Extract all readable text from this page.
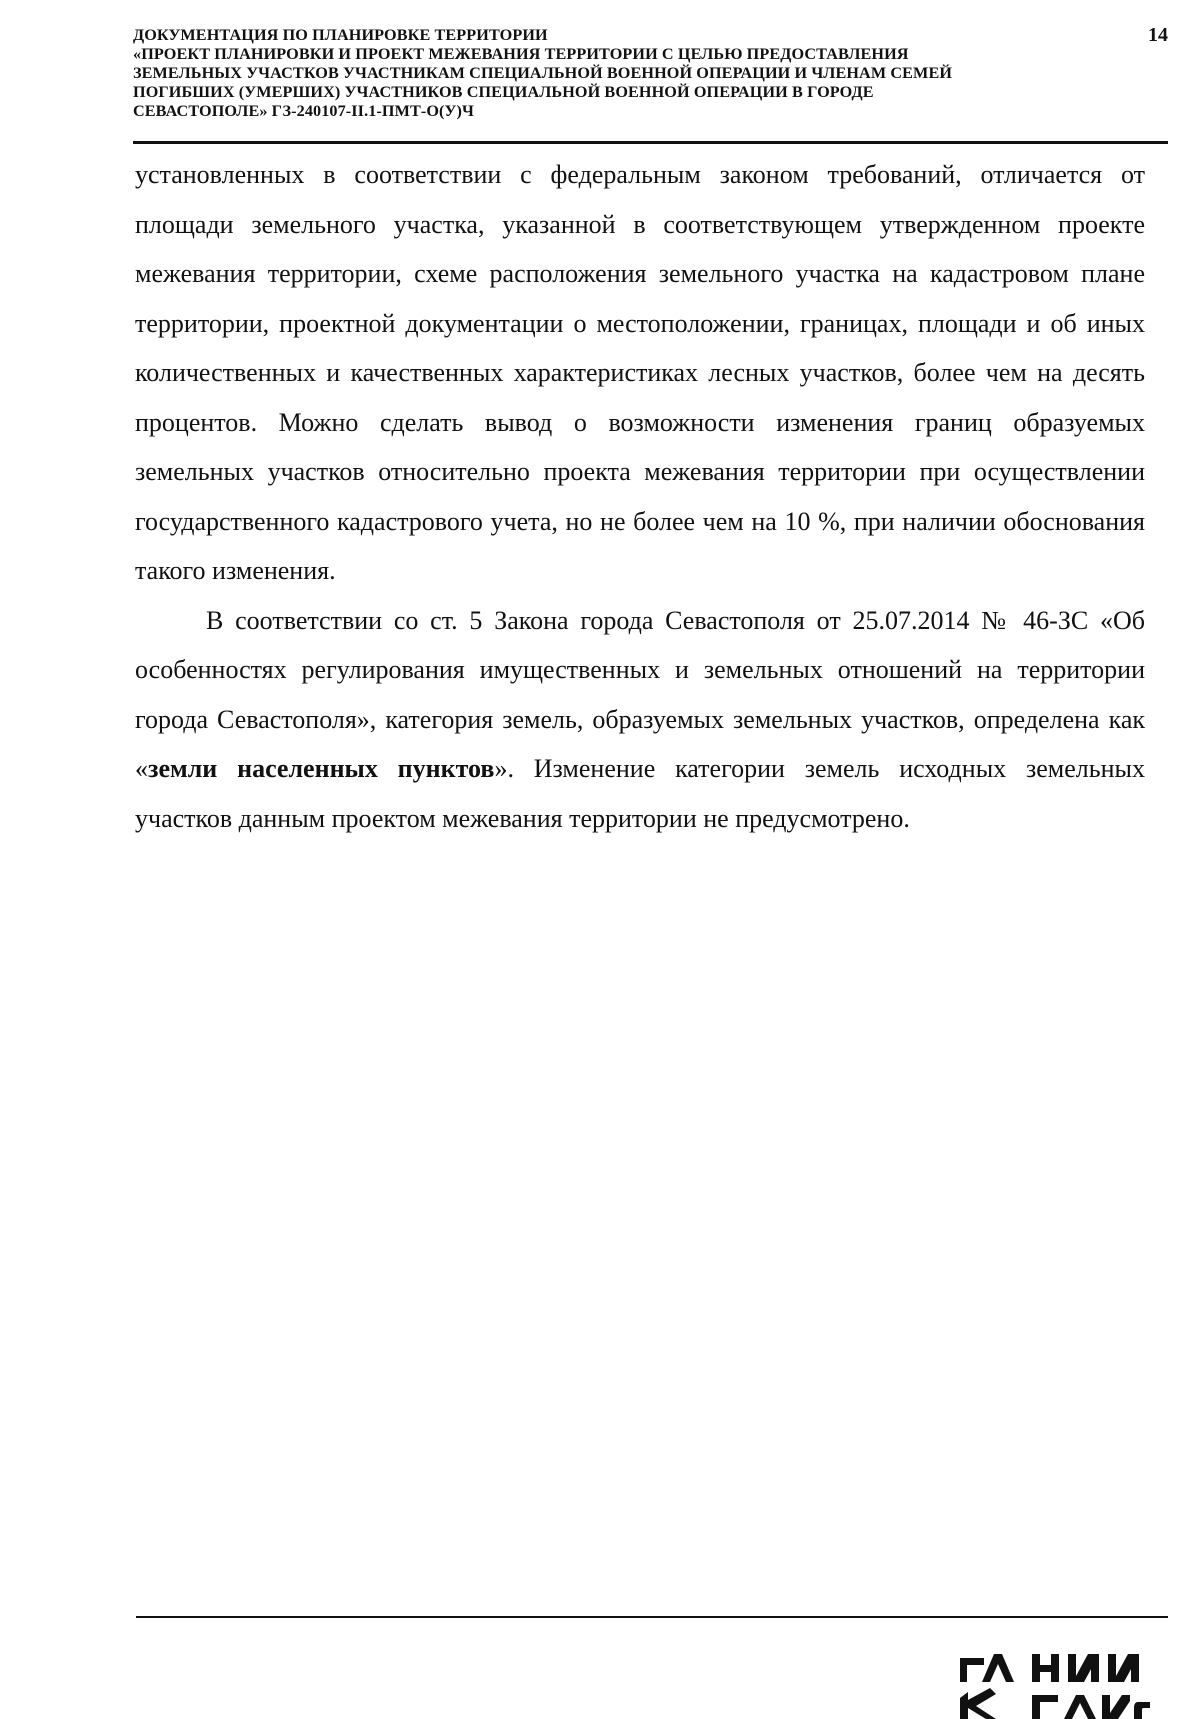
ДОКУМЕНТАЦИЯ ПО ПЛАНИРОВКЕ ТЕРРИТОРИИ
«ПРОЕКТ ПЛАНИРОВКИ И ПРОЕКТ МЕЖЕВАНИЯ ТЕРРИТОРИИ С ЦЕЛЬЮ ПРЕДОСТАВЛЕНИЯ
ЗЕМЕЛЬНЫХ УЧАСТКОВ УЧАСТНИКАМ СПЕЦИАЛЬНОЙ ВОЕННОЙ ОПЕРАЦИИ И ЧЛЕНАМ СЕМЕЙ
ПОГИБШИХ (УМЕРШИХ) УЧАСТНИКОВ СПЕЦИАЛЬНОЙ ВОЕННОЙ ОПЕРАЦИИ В ГОРОДЕ
СЕВАСТОПОЛЕ» ГЗ-240107-II.1-ПМТ-О(У)Ч
14

установленных в соответствии с федеральным законом требований, отличается от площади земельного участка, указанной в соответствующем утвержденном проекте межевания территории, схеме расположения земельного участка на кадастровом плане территории, проектной документации о местоположении, границах, площади и об иных количественных и качественных характеристиках лесных участков, более чем на десять процентов. Можно сделать вывод о возможности изменения границ образуемых земельных участков относительно проекта межевания территории при осуществлении государственного кадастрового учета, но не более чем на 10 %, при наличии обоснования такого изменения.

В соответствии со ст. 5 Закона города Севастополя от 25.07.2014 № 46-ЗС «Об особенностях регулирования имущественных и земельных отношений на территории города Севастополя», категория земель, образуемых земельных участков, определена как «земли населенных пунктов». Изменение категории земель исходных земельных участков данным проектом межевания территории не предусмотрено.
